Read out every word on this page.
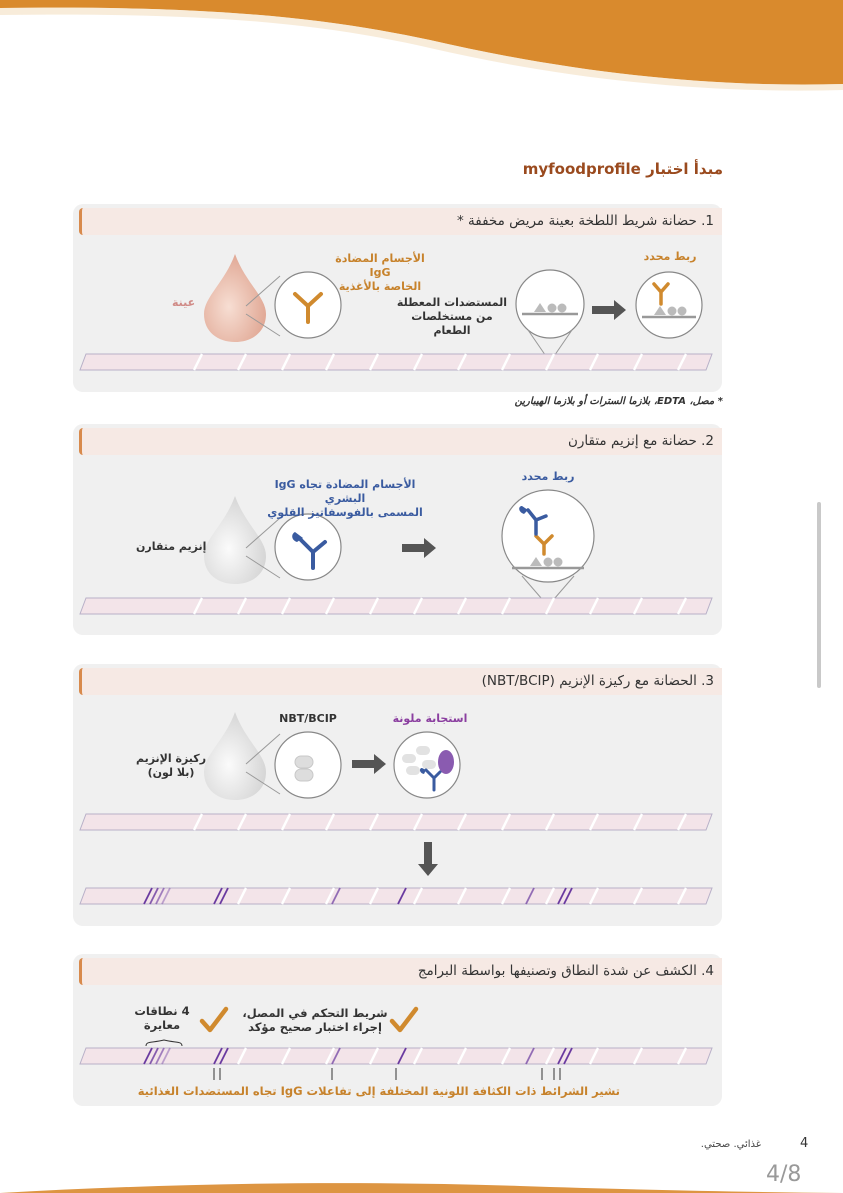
مبدأ اختبار myfoodprofile
1. حضانة شريط اللطخة بعينة مريض مخففة *
عينة
الأجسام المضادة IgG
الخاصة بالأغذية
المستضدات المعطلة
من مستخلصات الطعام
ربط محدد
* مصل، EDTA، بلازما السترات أو بلازما الهيبارين
2. حضانة مع إنزيم متقارن
إنزيم متقارن
الأجسام المضادة تجاه IgG البشري
المسمى بالفوسفاتيز القلوي
ربط محدد
3. الحضانة مع ركيزة الإنزيم (NBT/BCIP)
ركيزة الإنزيم
(بلا لون)
NBT/BCIP	استجابة ملونة
4. الكشف عن شدة النطاق وتصنيفها بواسطة البرامج
4 نطاقات
معايرة
شريط التحكم في المصل،
إجراء اختبار صحيح مؤكد
تشير الشرائط ذات الكثافة اللونية المختلفة إلى تفاعلات IgG تجاه المستضدات الغذائية
4
غذائي. صحتي.
4/8
